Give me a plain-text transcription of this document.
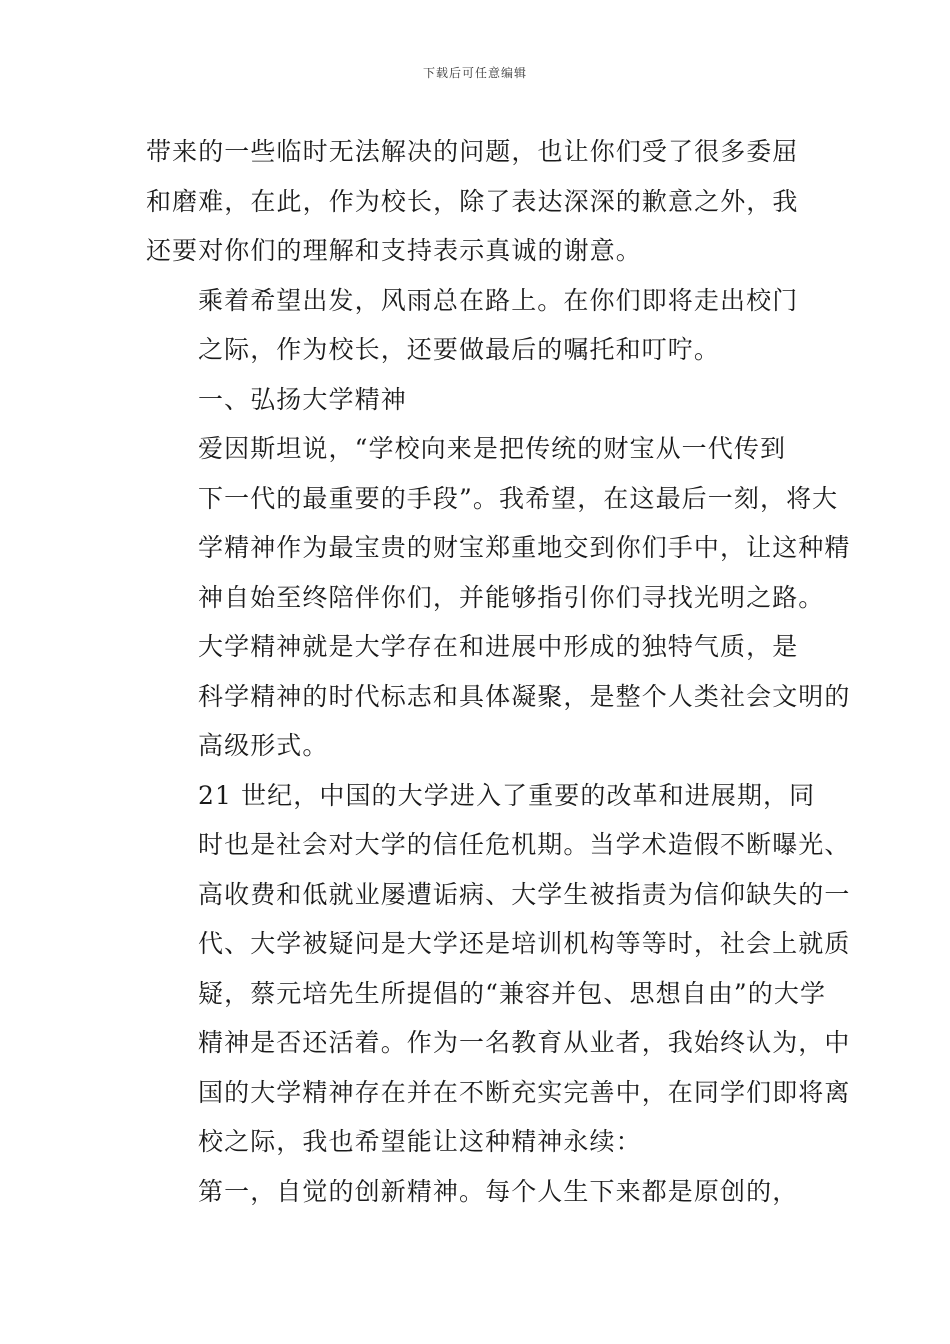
下载后可任意编辑

带来的一些临时无法解决的问题，也让你们受了很多委屈
和磨难，在此，作为校长，除了表达深深的歉意之外，我
还要对你们的理解和支持表示真诚的谢意。

乘着希望出发，风雨总在路上。在你们即将走出校门
之际，作为校长，还要做最后的嘱托和叮咛。

一、弘扬大学精神

爱因斯坦说，“学校向来是把传统的财宝从一代传到
下一代的最重要的手段”。我希望，在这最后一刻，将大
学精神作为最宝贵的财宝郑重地交到你们手中，让这种精
神自始至终陪伴你们，并能够指引你们寻找光明之路。

大学精神就是大学存在和进展中形成的独特气质，是
科学精神的时代标志和具体凝聚，是整个人类社会文明的
高级形式。

21 世纪，中国的大学进入了重要的改革和进展期，同
时也是社会对大学的信任危机期。当学术造假不断曝光、
高收费和低就业屡遭诟病、大学生被指责为信仰缺失的一
代、大学被疑问是大学还是培训机构等等时，社会上就质
疑，蔡元培先生所提倡的“兼容并包、思想自由”的大学
精神是否还活着。作为一名教育从业者，我始终认为，中
国的大学精神存在并在不断充实完善中，在同学们即将离
校之际，我也希望能让这种精神永续：

第一，自觉的创新精神。每个人生下来都是原创的，
